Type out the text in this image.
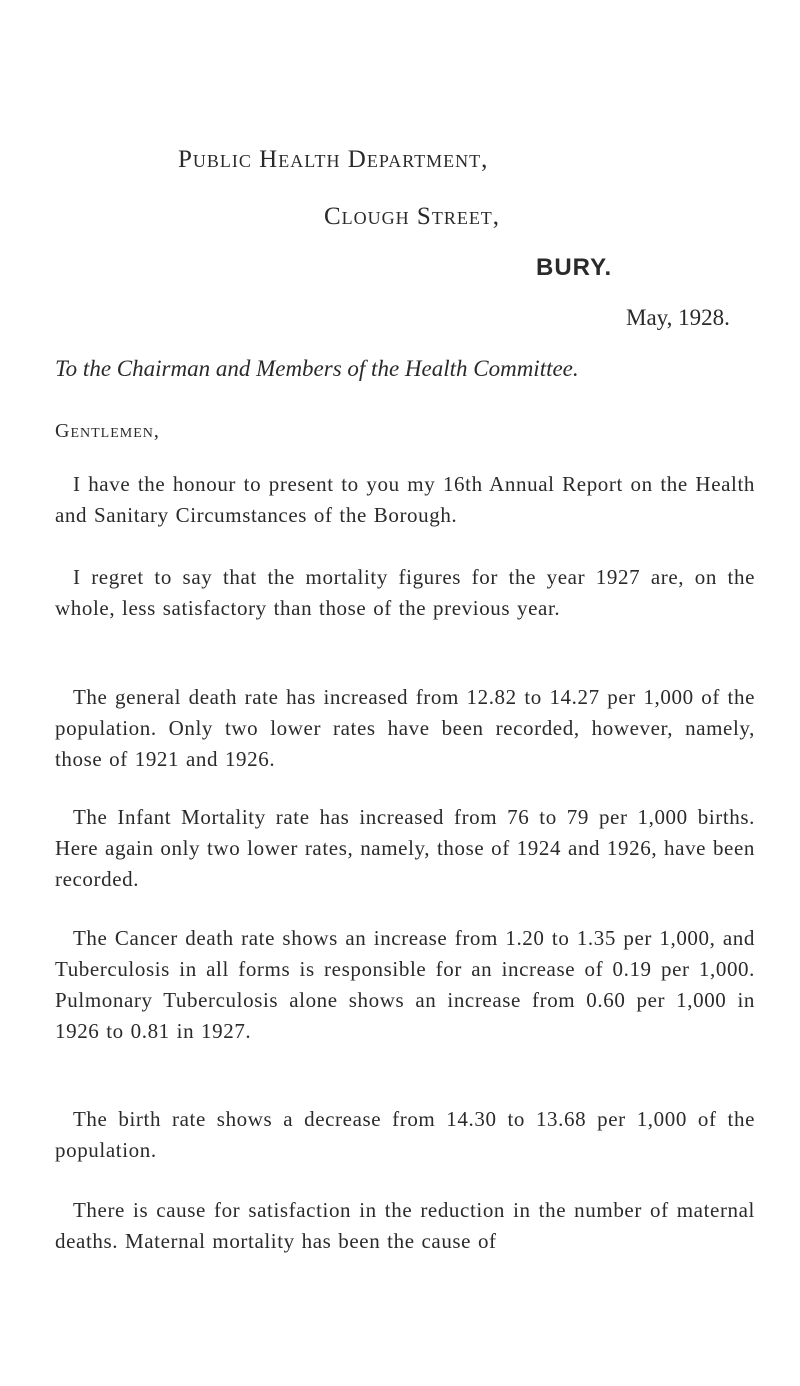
Public Health Department,
Clough Street,
BURY.
May, 1928.
To the Chairman and Members of the Health Committee.
Gentlemen,
I have the honour to present to you my 16th Annual Report on the Health and Sanitary Circumstances of the Borough.
I regret to say that the mortality figures for the year 1927 are, on the whole, less satisfactory than those of the previous year.
The general death rate has increased from 12.82 to 14.27 per 1,000 of the population. Only two lower rates have been recorded, however, namely, those of 1921 and 1926.
The Infant Mortality rate has increased from 76 to 79 per 1,000 births. Here again only two lower rates, namely, those of 1924 and 1926, have been recorded.
The Cancer death rate shows an increase from 1.20 to 1.35 per 1,000, and Tuberculosis in all forms is responsible for an increase of 0.19 per 1,000. Pulmonary Tuberculosis alone shows an increase from 0.60 per 1,000 in 1926 to 0.81 in 1927.
The birth rate shows a decrease from 14.30 to 13.68 per 1,000 of the population.
There is cause for satisfaction in the reduction in the number of maternal deaths. Maternal mortality has been the cause of
